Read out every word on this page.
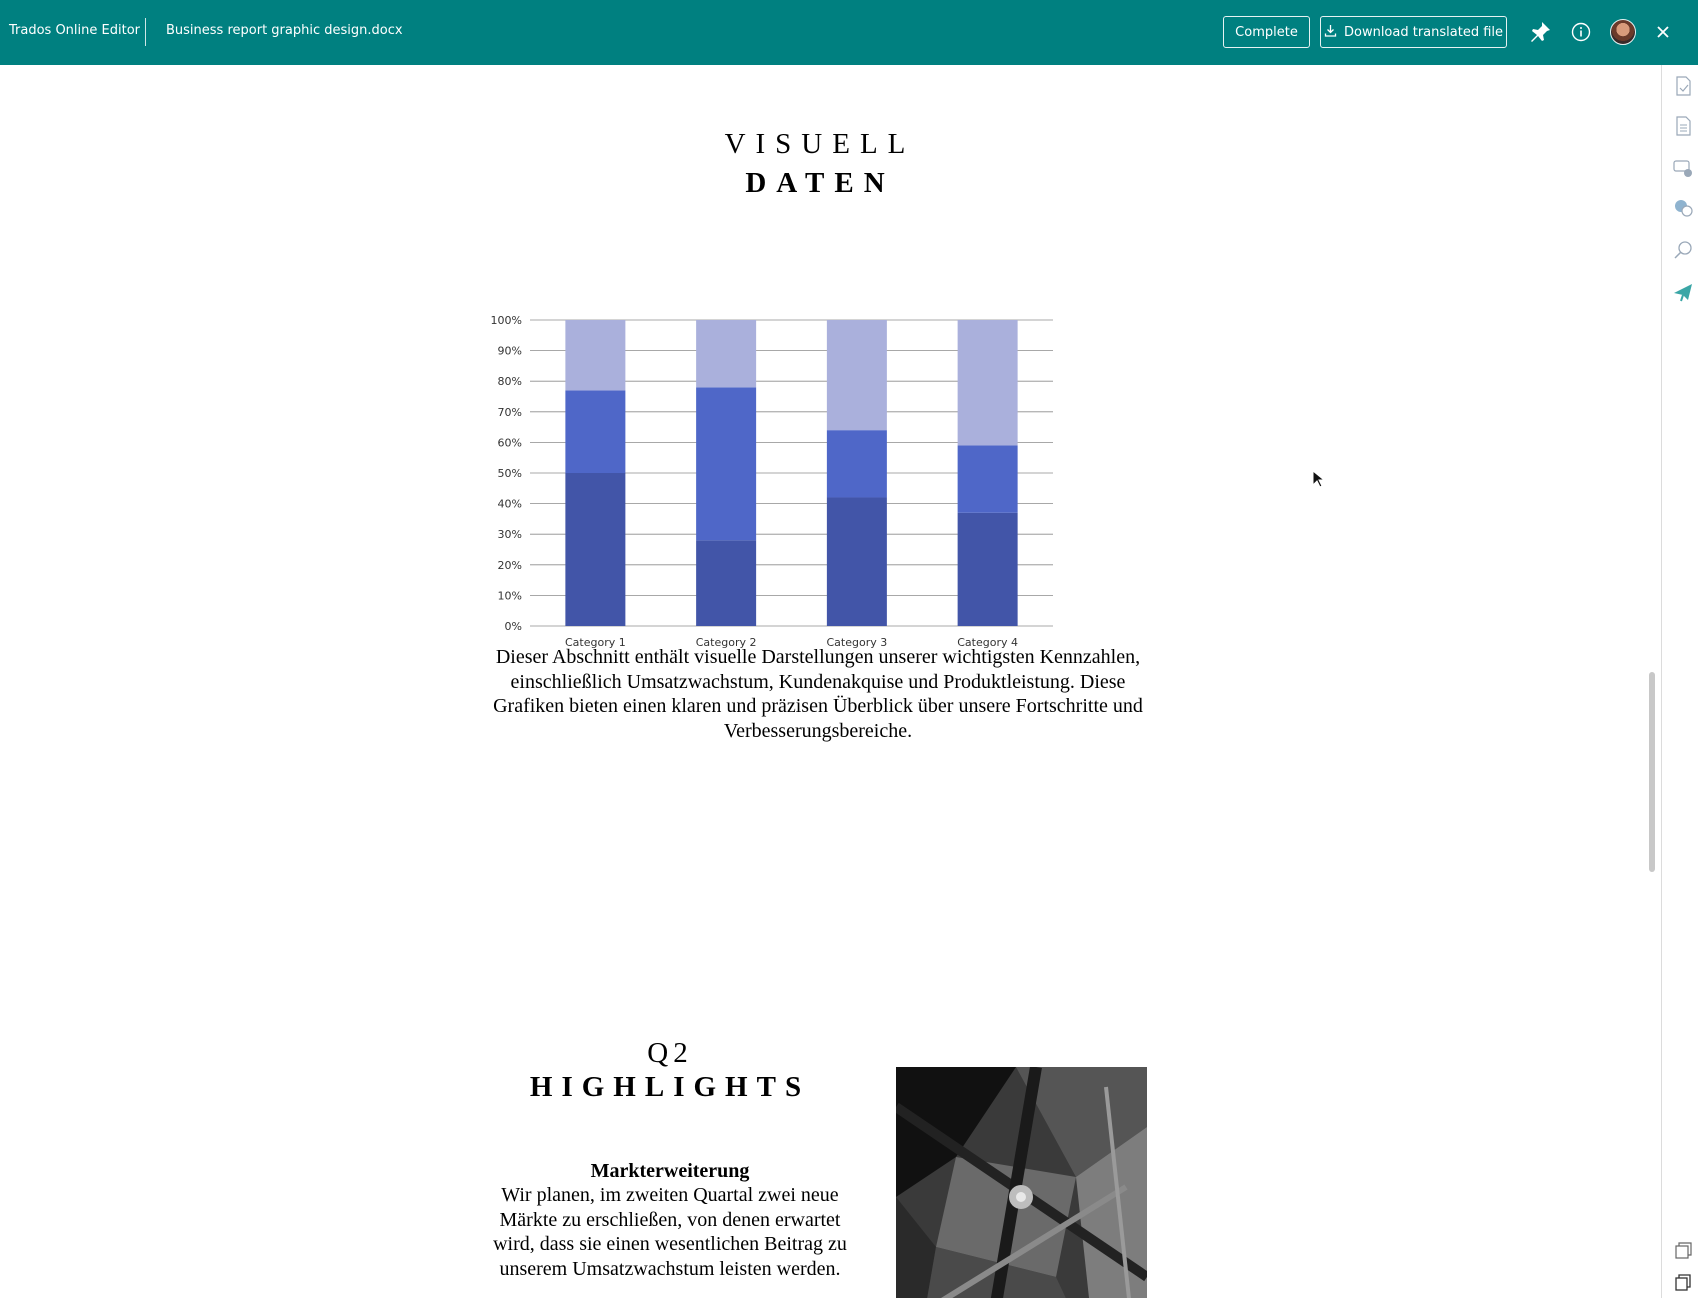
Trados Online Editor Business report graphic design.docx	Complete	Download translated file
VISUELL
DATEN
0%
10%
20%
30%
40%
50%
60%
70%
80%
90%
100%
Category 1	Category 2	Category 3	Category 4
Dieser Abschnitt enthält visuelle Darstellungen unserer wichtigsten Kennzahlen, einschließlich Umsatzwachstum, Kundenakquise und Produktleistung. Diese Grafiken bieten einen klaren und präzisen Überblick über unsere Fortschritte und Verbesserungsbereiche.
Q2
HIGHLIGHTS
Markterweiterung
Wir planen, im zweiten Quartal zwei neue Märkte zu erschließen, von denen erwartet wird, dass sie einen wesentlichen Beitrag zu unserem Umsatzwachstum leisten werden.
